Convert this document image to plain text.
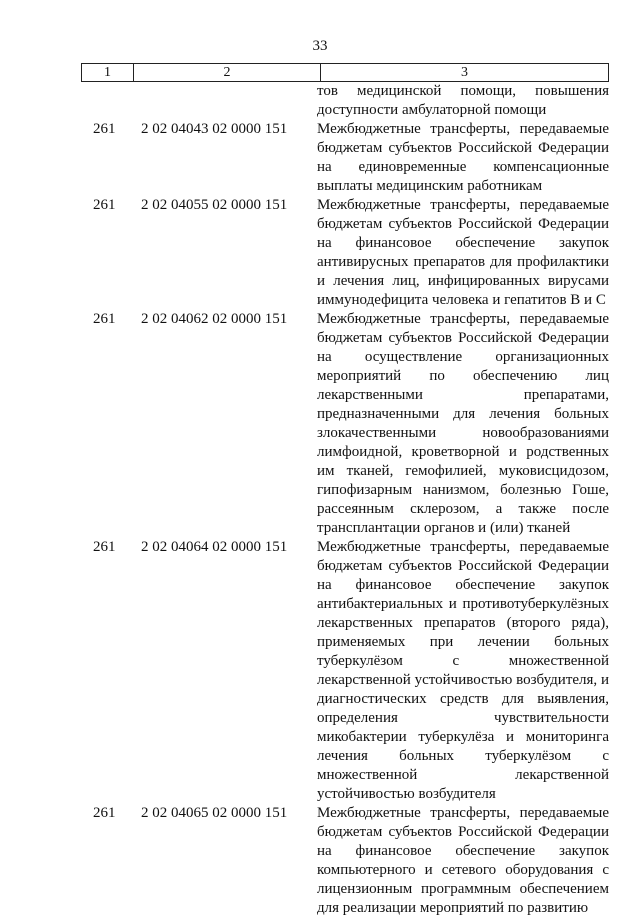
33
1	2	3
тов медицинской помощи, повышения доступности амбулаторной помощи
261	2 02 04043 02 0000 151	Межбюджетные трансферты, передаваемые бюджетам субъектов Российской Федерации на единовременные компенсационные выплаты медицинским работникам
261	2 02 04055 02 0000 151	Межбюджетные трансферты, передаваемые бюджетам субъектов Российской Федерации на финансовое обеспечение закупок антивирусных препаратов для профилактики и лечения лиц, инфицированных вирусами иммунодефицита человека и гепатитов В и С
261	2 02 04062 02 0000 151	Межбюджетные трансферты, передаваемые бюджетам субъектов Российской Федерации на осуществление организационных мероприятий по обеспечению лиц лекарственными препаратами, предназначенными для лечения больных злокачественными новообразованиями лимфоидной, кроветворной и родственных им тканей, гемофилией, муковисцидозом, гипофизарным нанизмом, болезнью Гоше, рассеянным склерозом, а также после трансплантации органов и (или) тканей
261	2 02 04064 02 0000 151	Межбюджетные трансферты, передаваемые бюджетам субъектов Российской Федерации на финансовое обеспечение закупок антибактериальных и противотуберкулёзных лекарственных препаратов (второго ряда), применяемых при лечении больных туберкулёзом с множественной лекарственной устойчивостью возбудителя, и диагностических средств для выявления, определения чувствительности микобактерии туберкулёза и мониторинга лечения больных туберкулёзом с множественной лекарственной устойчивостью возбудителя
261	2 02 04065 02 0000 151	Межбюджетные трансферты, передаваемые бюджетам субъектов Российской Федерации на финансовое обеспечение закупок компьютерного и сетевого оборудования с лицензионным программным обеспечением для реализации мероприятий по развитию
